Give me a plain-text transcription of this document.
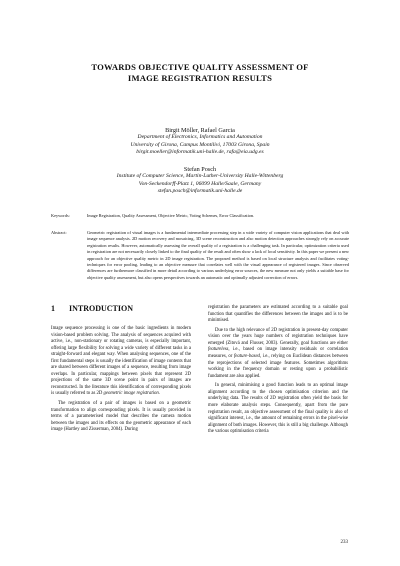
TOWARDS OBJECTIVE QUALITY ASSESSMENT OF
IMAGE REGISTRATION RESULTS
Birgit Möller, Rafael Garcia
Department of Electronics, Informatics and Automation
University of Girona, Campus Montilivi, 17003 Girona, Spain
birgit.moeller@informatik.uni-halle.de, rafa@eia.udg.es
Stefan Posch
Institute of Computer Science, Martin-Luther-University Halle-Wittenberg
Von-Seckendorff-Platz 1, 06099 Halle/Saale, Germany
stefan.posch@informatik.uni-halle.de
Keywords:	Image Registration, Quality Assessment, Objective Metric, Voting Schemes, Error Classification.
Abstract:	Geometric registration of visual images is a fundamental intermediate processing step in a wide variety of computer vision applications that deal with image sequence analysis. 2D motion recovery and mosaicing, 3D scene reconstruction and also motion detection approaches strongly rely on accurate registration results. However, automatically assessing the overall quality of a registration is a challenging task. In particular, optimization criteria used in registration are not necessarily closely linked to the final quality of the result and often show a lack of local sensitivity. In this paper we present a new approach for an objective quality metric in 2D image registration. The proposed method is based on local structure analysis and facilitates voting-techniques for error pooling, leading to an objective measure that correlates well with the visual appearance of registered images. Since observed differences are furthermore classified in more detail according to various underlying error sources, the new measure not only yields a suitable base for objective quality assessment, but also opens perspectives towards an automatic and optimally adjusted correction of errors.
1 INTRODUCTION

Image sequence processing is one of the basic ingredients in modern vision-based problem solving. The analysis of sequences acquired with active, i.e., non-stationary or rotating cameras, is especially important, offering large flexibility for solving a wide variety of different tasks in a straight-forward and elegant way. When analysing sequences, one of the first fundamental steps is usually the identification of image contents that are shared between different images of a sequence, resulting from image overlaps. In particular, mappings between pixels that represent 2D projections of the same 3D scene point in pairs of images are reconstructed. In the literature this identification of corresponding pixels is usually referred to as 2D geometric image registration.

The registration of a pair of images is based on a geometric transformation to align corresponding pixels. It is usually provided in terms of a parameterised model that describes the camera motion between the images and its effects on the geometric appearance of each image (Hartley and Zisserman, 2004). During

registration the parameters are estimated according to a suitable goal function that quantifies the differences between the images and is to be minimised.

Due to the high relevance of 2D registration in present-day computer vision over the years huge numbers of registration techniques have emerged (Zitová and Flusser, 2003). Generally, goal functions are either featureless, i.e., based on image intensity residuals or correlation measures, or feature-based, i.e., relying on Euclidean distances between the reprojections of selected image features. Sometimes algorithms working in the frequency domain or resting upon a probabilistic fundament are also applied.

In general, minimising a good function leads to an optimal image alignment according to the chosen optimisation criterion and the underlying data. The results of 2D registration often yield the basis for more elaborate analysis steps. Consequently, apart from the pure registration result, an objective assessment of the final quality is also of significant interest, i.e., the amount of remaining errors in the pixel-wise alignment of both images. However, this is still a big challenge. Although the various optimisation criteria

233
